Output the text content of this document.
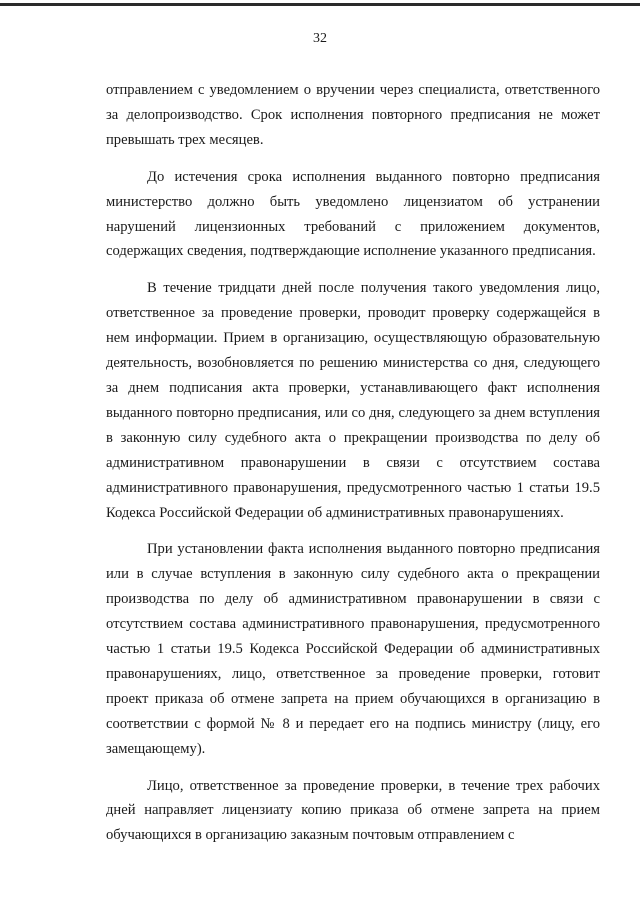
32

отправлением с уведомлением о вручении через специалиста, ответственного за делопроизводство. Срок исполнения повторного предписания не может превышать трех месяцев.

До истечения срока исполнения выданного повторно предписания министерство должно быть уведомлено лицензиатом об устранении нарушений лицензионных требований с приложением документов, содержащих сведения, подтверждающие исполнение указанного предписания.

В течение тридцати дней после получения такого уведомления лицо, ответственное за проведение проверки, проводит проверку содержащейся в нем информации. Прием в организацию, осуществляющую образовательную деятельность, возобновляется по решению министерства со дня, следующего за днем подписания акта проверки, устанавливающего факт исполнения выданного повторно предписания, или со дня, следующего за днем вступления в законную силу судебного акта о прекращении производства по делу об административном правонарушении в связи с отсутствием состава административного правонарушения, предусмотренного частью 1 статьи 19.5 Кодекса Российской Федерации об административных правонарушениях.

При установлении факта исполнения выданного повторно предписания или в случае вступления в законную силу судебного акта о прекращении производства по делу об административном правонарушении в связи с отсутствием состава административного правонарушения, предусмотренного частью 1 статьи 19.5 Кодекса Российской Федерации об административных правонарушениях, лицо, ответственное за проведение проверки, готовит проект приказа об отмене запрета на прием обучающихся в организацию в соответствии с формой № 8 и передает его на подпись министру (лицу, его замещающему).

Лицо, ответственное за проведение проверки, в течение трех рабочих дней направляет лицензиату копию приказа об отмене запрета на прием обучающихся в организацию заказным почтовым отправлением с
